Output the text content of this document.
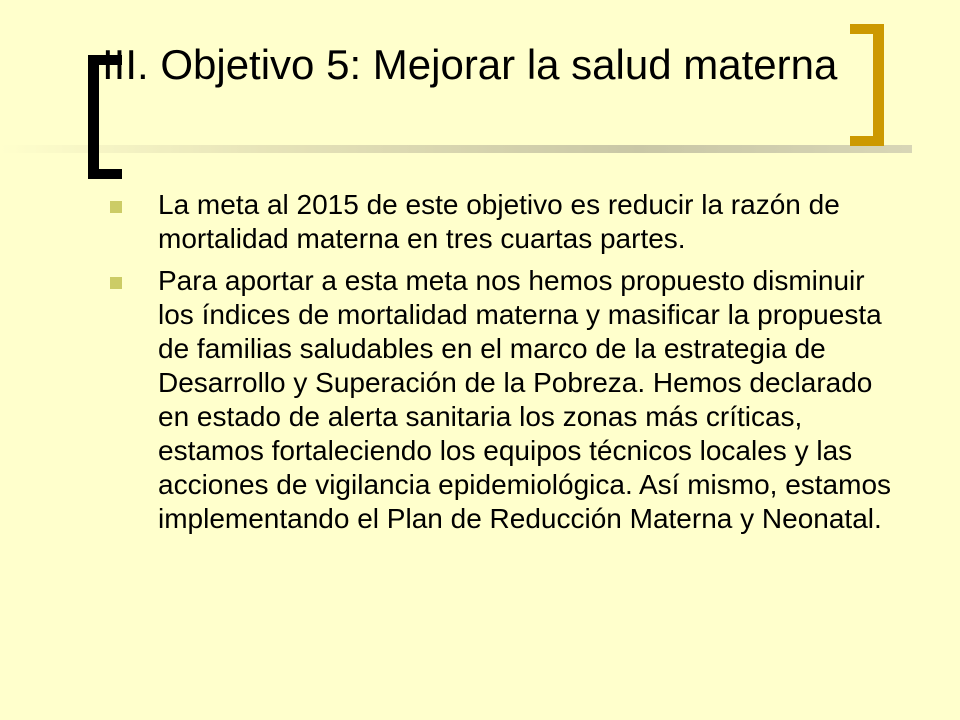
III. Objetivo 5: Mejorar la salud materna
La meta al 2015 de este objetivo es reducir la razón de mortalidad materna en tres cuartas partes.
Para aportar a esta meta nos hemos propuesto disminuir los índices de mortalidad materna y masificar la propuesta de familias saludables en el marco de la estrategia de Desarrollo y Superación de la Pobreza. Hemos declarado en estado de alerta sanitaria los zonas más críticas, estamos fortaleciendo los equipos técnicos locales y las acciones de vigilancia epidemiológica. Así mismo, estamos implementando el Plan de Reducción Materna y Neonatal.
